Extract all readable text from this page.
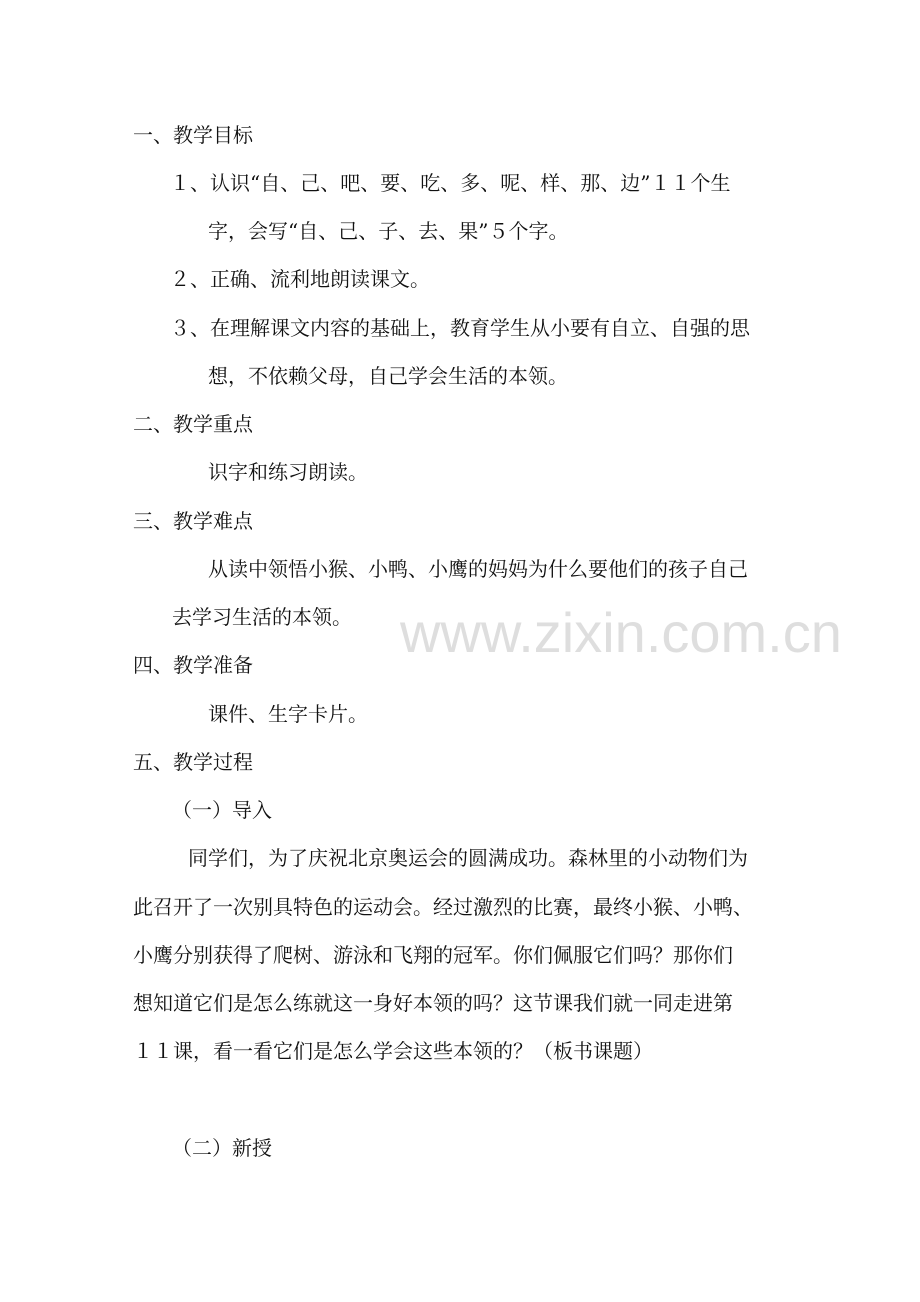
一、教学目标
１、认识“自、己、吧、要、吃、多、呢、样、那、边”１１个生
字，会写“自、己、子、去、果”５个字。
２、正确、流利地朗读课文。
３、在理解课文内容的基础上，教育学生从小要有自立、自强的思
想，不依赖父母，自己学会生活的本领。
二、教学重点
识字和练习朗读。
三、教学难点
从读中领悟小猴、小鸭、小鹰的妈妈为什么要他们的孩子自己
去学习生活的本领。
四、教学准备
课件、生字卡片。
五、教学过程
（一）导入
同学们，为了庆祝北京奥运会的圆满成功。森林里的小动物们为
此召开了一次别具特色的运动会。经过激烈的比赛，最终小猴、小鸭、
小鹰分别获得了爬树、游泳和飞翔的冠军。你们佩服它们吗？那你们
想知道它们是怎么练就这一身好本领的吗？这节课我们就一同走进第
１１课，看一看它们是怎么学会这些本领的？（板书课题）
（二）新授
www.zixin.com.cn
